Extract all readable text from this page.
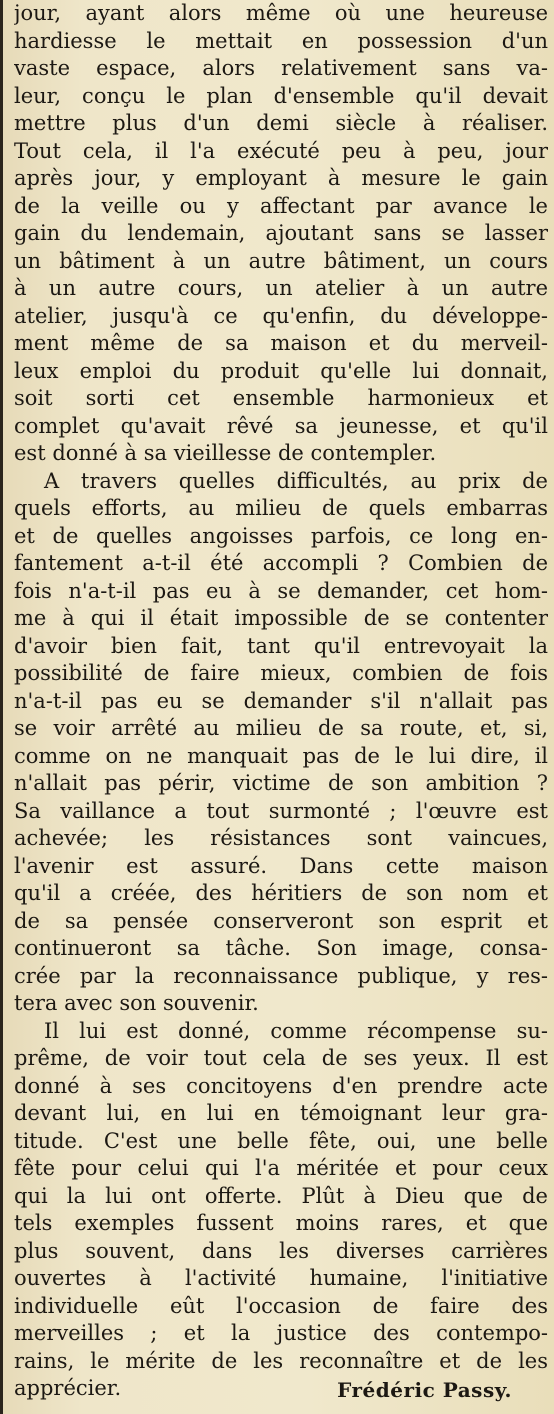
jour, ayant alors même où une heureuse
hardiesse le mettait en possession d'un
vaste espace, alors relativement sans va-
leur, conçu le plan d'ensemble qu'il devait
mettre plus d'un demi siècle à réaliser.
Tout cela, il l'a exécuté peu à peu, jour
après jour, y employant à mesure le gain
de la veille ou y affectant par avance le
gain du lendemain, ajoutant sans se lasser
un bâtiment à un autre bâtiment, un cours
à un autre cours, un atelier à un autre
atelier, jusqu'à ce qu'enfin, du développe-
ment même de sa maison et du merveil-
leux emploi du produit qu'elle lui donnait,
soit sorti cet ensemble harmonieux et
complet qu'avait rêvé sa jeunesse, et qu'il
est donné à sa vieillesse de contempler.
A travers quelles difficultés, au prix de
quels efforts, au milieu de quels embarras
et de quelles angoisses parfois, ce long en-
fantement a-t-il été accompli ? Combien de
fois n'a-t-il pas eu à se demander, cet hom-
me à qui il était impossible de se contenter
d'avoir bien fait, tant qu'il entrevoyait la
possibilité de faire mieux, combien de fois
n'a-t-il pas eu se demander s'il n'allait pas
se voir arrêté au milieu de sa route, et, si,
comme on ne manquait pas de le lui dire, il
n'allait pas périr, victime de son ambition ?
Sa vaillance a tout surmonté ; l'œuvre est
achevée; les résistances sont vaincues,
l'avenir est assuré. Dans cette maison
qu'il a créée, des héritiers de son nom et
de sa pensée conserveront son esprit et
continueront sa tâche. Son image, consa-
crée par la reconnaissance publique, y res-
tera avec son souvenir.
Il lui est donné, comme récompense su-
prême, de voir tout cela de ses yeux. Il est
donné à ses concitoyens d'en prendre acte
devant lui, en lui en témoignant leur gra-
titude. C'est une belle fête, oui, une belle
fête pour celui qui l'a méritée et pour ceux
qui la lui ont offerte. Plût à Dieu que de
tels exemples fussent moins rares, et que
plus souvent, dans les diverses carrières
ouvertes à l'activité humaine, l'initiative
individuelle eût l'occasion de faire des
merveilles ; et la justice des contempo-
rains, le mérite de les reconnaître et de les
apprécier.	Frédéric Passy.
